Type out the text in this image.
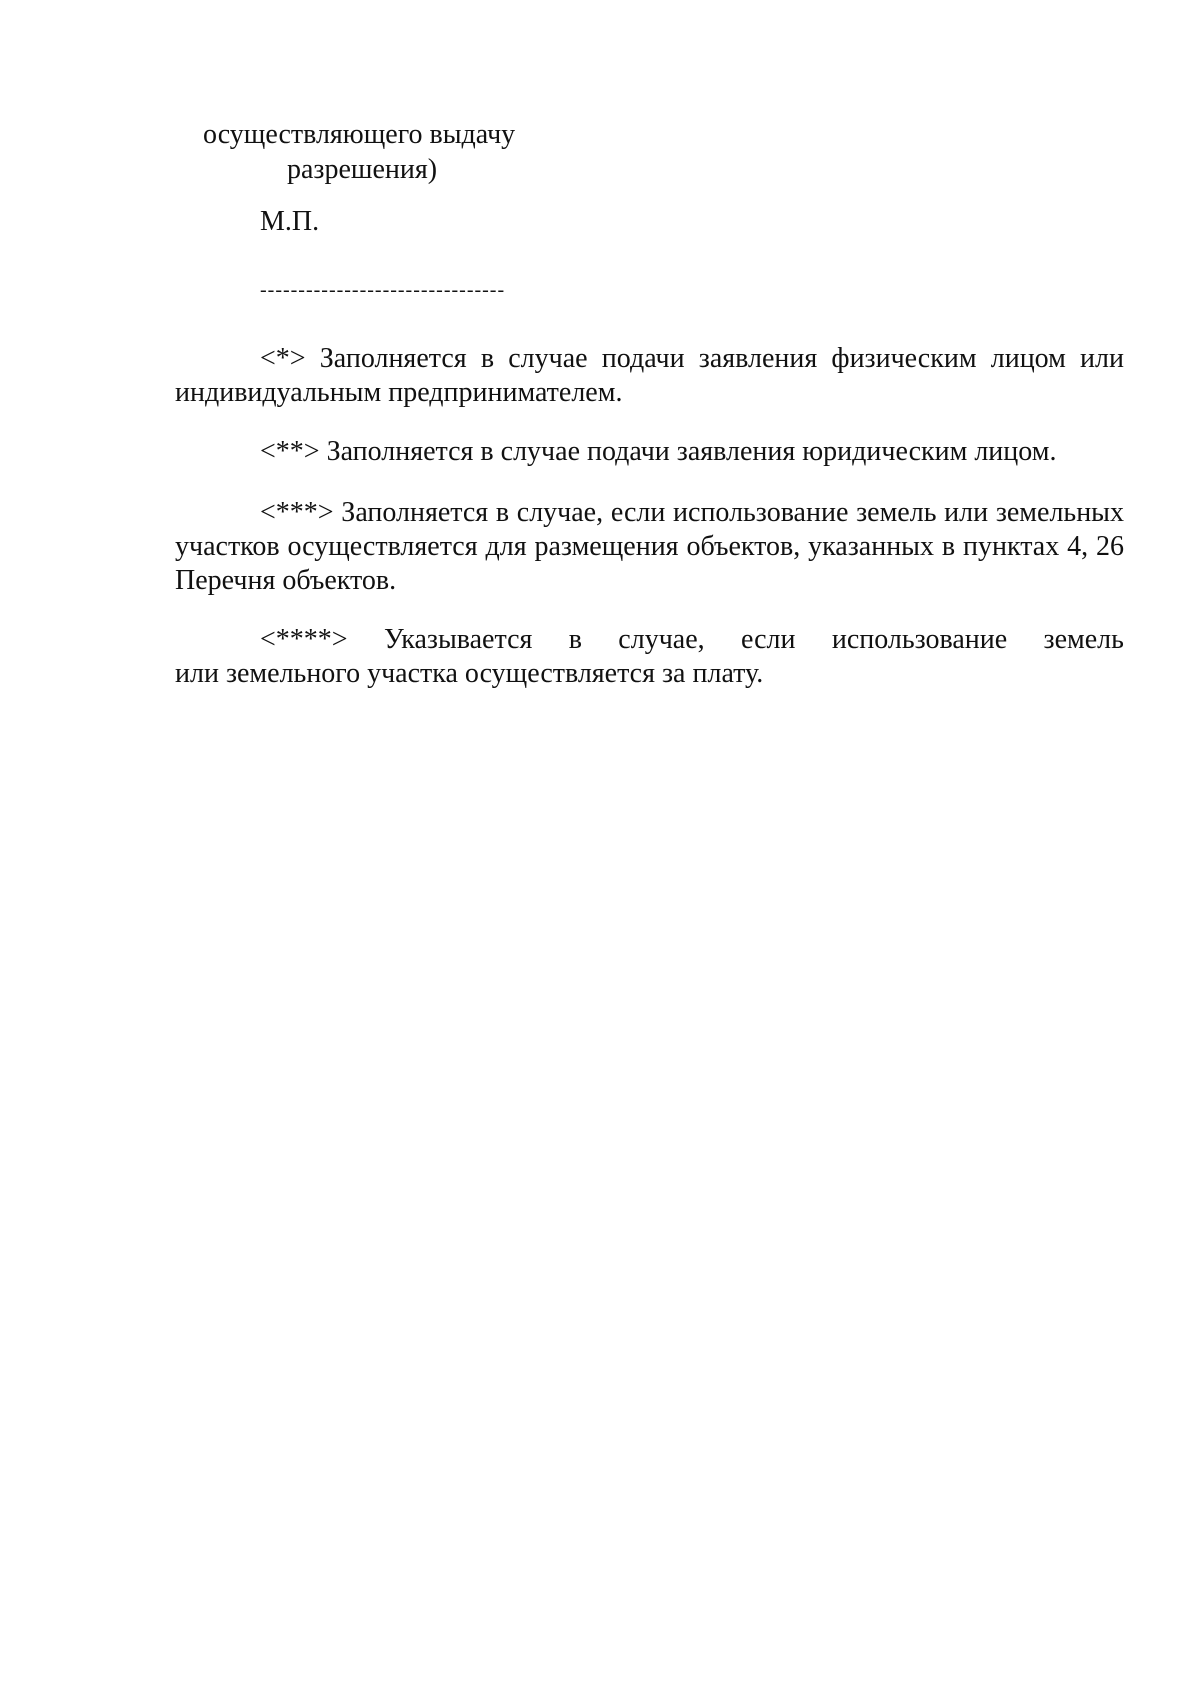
осуществляющего выдачу
разрешения)
М.П.
--------------------------------
<*> Заполняется в случае подачи заявления физическим лицом или индивидуальным предпринимателем.
<**> Заполняется в случае подачи заявления юридическим лицом.
<***> Заполняется в случае, если использование земель или земельных участков осуществляется для размещения объектов, указанных в пунктах 4, 26 Перечня объектов.
<****> Указывается в случае, если использование земель
или земельного участка осуществляется за плату.
